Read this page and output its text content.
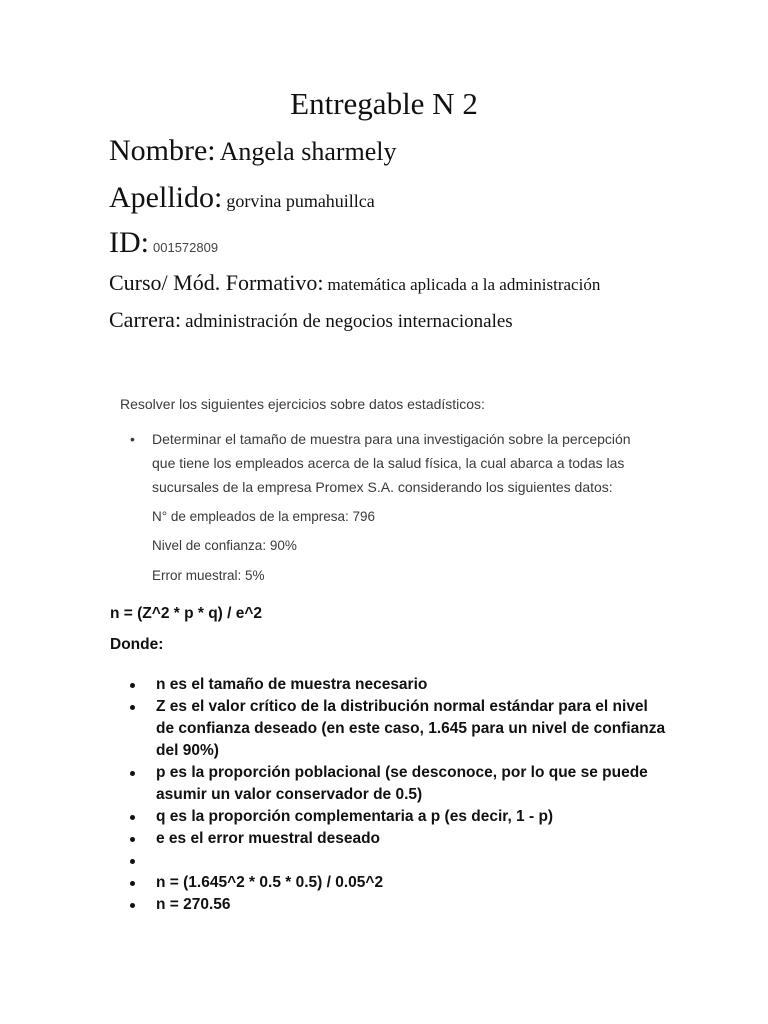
Entregable N 2
Nombre: Angela sharmely
Apellido: gorvina pumahuillca
ID: 001572809
Curso/ Mód. Formativo: matemática aplicada a la administración
Carrera: administración de negocios internacionales
Resolver los siguientes ejercicios sobre datos estadísticos:
• Determinar el tamaño de muestra para una investigación sobre la percepción
que tiene los empleados acerca de la salud física, la cual abarca a todas las
sucursales de la empresa Promex S.A. considerando los siguientes datos:
N° de empleados de la empresa: 796
Nivel de confianza: 90%
Error muestral: 5%
n = (Z^2 * p * q) / e^2
Donde:
n es el tamaño de muestra necesario
Z es el valor crítico de la distribución normal estándar para el nivel de confianza deseado (en este caso, 1.645 para un nivel de confianza del 90%)
p es la proporción poblacional (se desconoce, por lo que se puede asumir un valor conservador de 0.5)
q es la proporción complementaria a p (es decir, 1 - p)
e es el error muestral deseado
n = (1.645^2 * 0.5 * 0.5) / 0.05^2
n = 270.56
